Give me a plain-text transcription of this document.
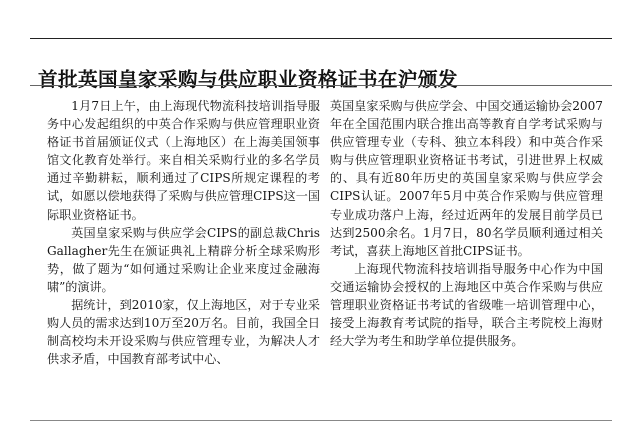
首批英国皇家采购与供应职业资格证书在沪颁发

1月7日上午，由上海现代物流科技培训指导服务中心发起组织的中英合作采购与供应管理职业资格证书首届颁证仪式（上海地区）在上海美国领事馆文化教育处举行。来自相关采购行业的多名学员通过辛勤耕耘，顺利通过了CIPS所规定课程的考试，如愿以偿地获得了采购与供应管理CIPS这一国际职业资格证书。

英国皇家采购与供应学会CIPS的副总裁Chris Gallagher先生在颁证典礼上精辟分析全球采购形势，做了题为“如何通过采购让企业来度过金融海啸”的演讲。

据统计，到2010家，仅上海地区，对于专业采购人员的需求达到10万至20万名。目前，我国全日制高校均未开设采购与供应管理专业，为解决人才供求矛盾，中国教育部考试中心、

英国皇家采购与供应学会、中国交通运输协会2007年在全国范围内联合推出高等教育自学考试采购与供应管理专业（专科、独立本科段）和中英合作采购与供应管理职业资格证书考试，引进世界上权威的、具有近80年历史的英国皇家采购与供应学会CIPS认证。2007年5月中英合作采购与供应管理专业成功落户上海，经过近两年的发展目前学员已达到2500余名。1月7日，80名学员顺利通过相关考试，喜获上海地区首批CIPS证书。

上海现代物流科技培训指导服务中心作为中国交通运输协会授权的上海地区中英合作采购与供应管理职业资格证书考试的省级唯一培训管理中心，接受上海教育考试院的指导，联合主考院校上海财经大学为考生和助学单位提供服务。
